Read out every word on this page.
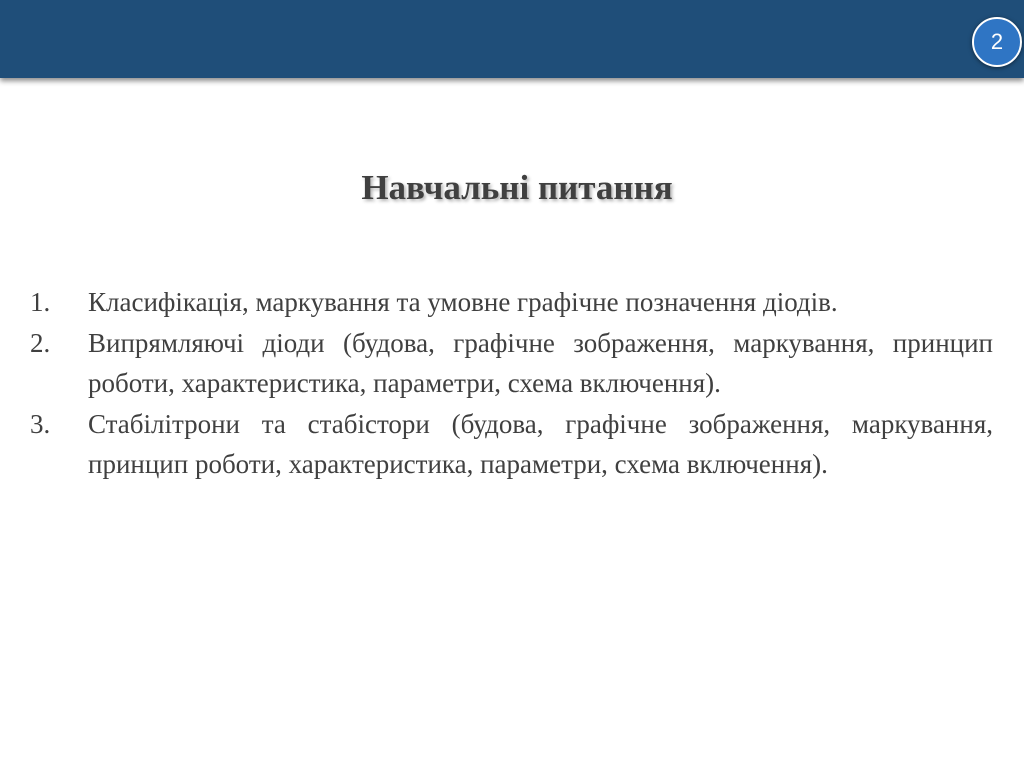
2
Навчальні питання
1. Класифікація, маркування та умовне графічне позначення діодів.
2. Випрямляючі діоди (будова, графічне зображення, маркування, принцип роботи, характеристика, параметри, схема включення).
3. Стабілітрони та стабістори (будова, графічне зображення, маркування, принцип роботи, характеристика, параметри, схема включення).
